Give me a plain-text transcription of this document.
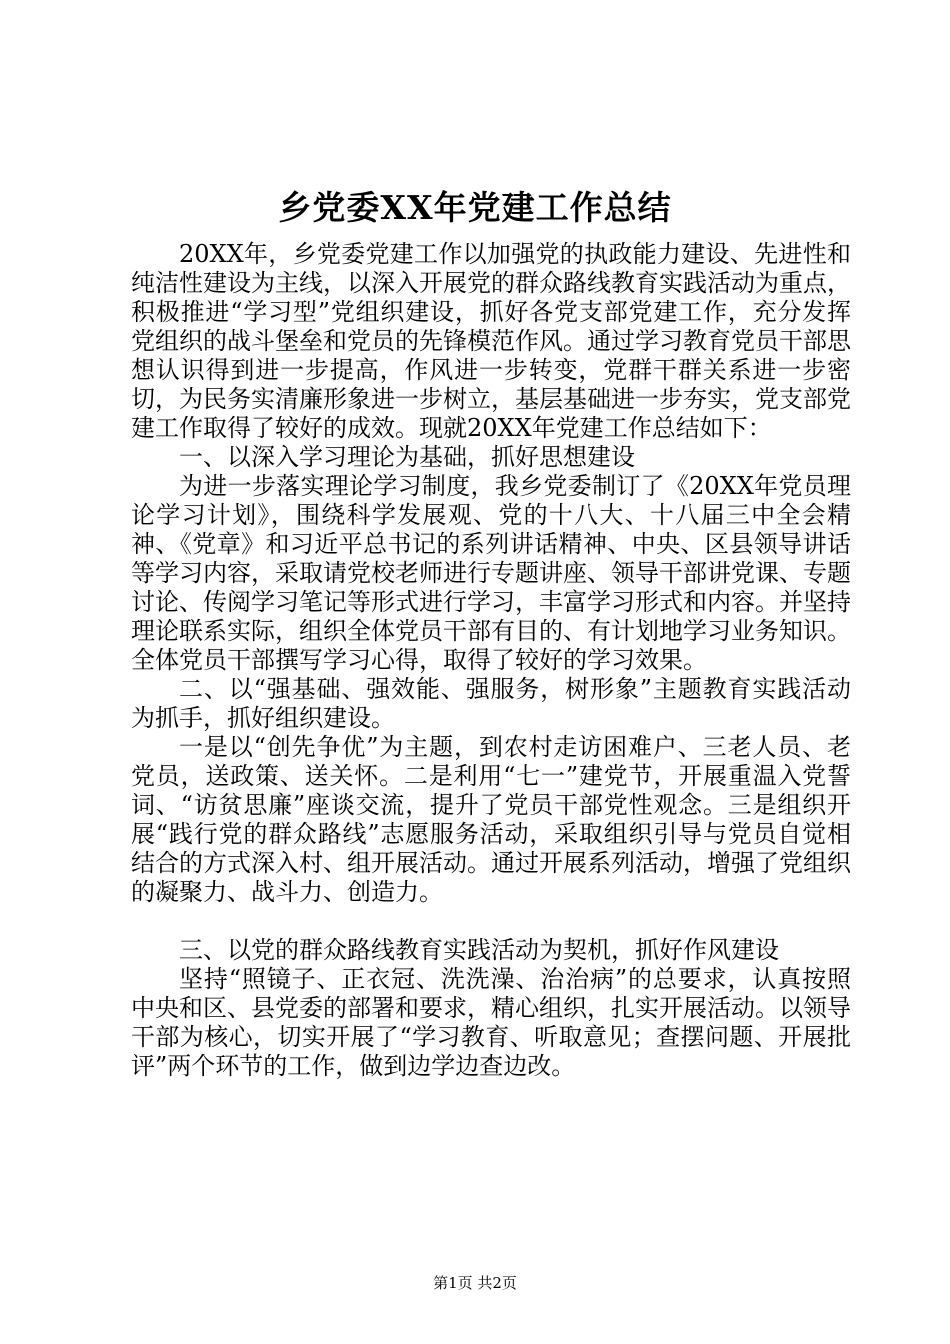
乡党委XX年党建工作总结

20XX年，乡党委党建工作以加强党的执政能力建设、先进性和纯洁性建设为主线，以深入开展党的群众路线教育实践活动为重点，积极推进“学习型”党组织建设，抓好各党支部党建工作，充分发挥党组织的战斗堡垒和党员的先锋模范作风。通过学习教育党员干部思想认识得到进一步提高，作风进一步转变，党群干群关系进一步密切，为民务实清廉形象进一步树立，基层基础进一步夯实，党支部党建工作取得了较好的成效。现就20XX年党建工作总结如下：

一、以深入学习理论为基础，抓好思想建设

为进一步落实理论学习制度，我乡党委制订了《20XX年党员理论学习计划》，围绕科学发展观、党的十八大、十八届三中全会精神、《党章》和习近平总书记的系列讲话精神、中央、区县领导讲话等学习内容，采取请党校老师进行专题讲座、领导干部讲党课、专题讨论、传阅学习笔记等形式进行学习，丰富学习形式和内容。并坚持理论联系实际，组织全体党员干部有目的、有计划地学习业务知识。全体党员干部撰写学习心得，取得了较好的学习效果。

二、以“强基础、强效能、强服务，树形象”主题教育实践活动为抓手，抓好组织建设。

一是以“创先争优”为主题，到农村走访困难户、三老人员、老党员，送政策、送关怀。二是利用“七一”建党节，开展重温入党誓词、“访贫思廉”座谈交流，提升了党员干部党性观念。三是组织开展“践行党的群众路线”志愿服务活动，采取组织引导与党员自觉相结合的方式深入村、组开展活动。通过开展系列活动，增强了党组织的凝聚力、战斗力、创造力。

三、以党的群众路线教育实践活动为契机，抓好作风建设

坚持“照镜子、正衣冠、洗洗澡、治治病”的总要求，认真按照中央和区、县党委的部署和要求，精心组织，扎实开展活动。以领导干部为核心，切实开展了“学习教育、听取意见；查摆问题、开展批评”两个环节的工作，做到边学边查边改。

第1页 共2页
